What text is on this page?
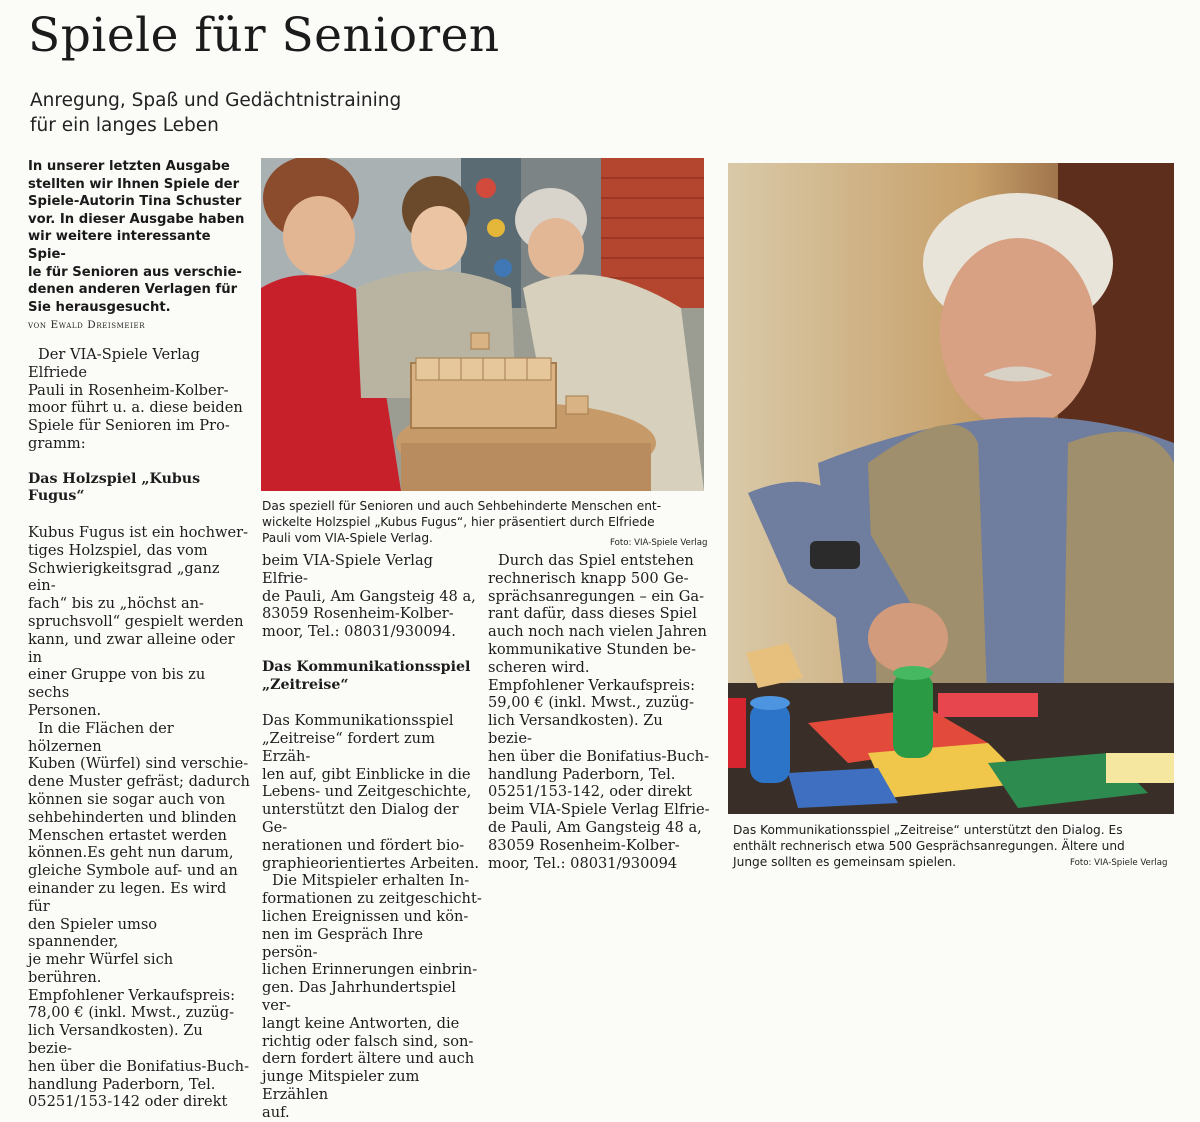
Spiele für Senioren
Anregung, Spaß und Gedächtnistraining
für ein langes Leben
In unserer letzten Ausgabe
stellten wir Ihnen Spiele der
Spiele-Autorin Tina Schuster
vor. In dieser Ausgabe haben
wir weitere interessante Spie-
le für Senioren aus verschie-
denen anderen Verlagen für
Sie herausgesucht.
von Ewald Dreismeier

Der VIA-Spiele Verlag Elfriede

Pauli in Rosenheim-Kolber-

moor führt u. a. diese beiden

Spiele für Senioren im Pro-

gramm:

Das Holzspiel „Kubus Fugus“

Kubus Fugus ist ein hochwer-

tiges Holzspiel, das vom

Schwierigkeitsgrad „ganz ein-

fach“ bis zu „höchst an-

spruchsvoll“ gespielt werden

kann, und zwar alleine oder in

einer Gruppe von bis zu sechs

Personen.

In die Flächen der hölzernen

Kuben (Würfel) sind verschie-

dene Muster gefräst; dadurch

können sie sogar auch von

sehbehinderten und blinden

Menschen ertastet werden

können.Es geht nun darum,

gleiche Symbole auf- und an

einander zu legen. Es wird für

den Spieler umso spannender,

je mehr Würfel sich berühren.

Empfohlener Verkaufspreis:

78,00 € (inkl. Mwst., zuzüg-

lich Versandkosten). Zu bezie-

hen über die Bonifatius-Buch-

handlung Paderborn, Tel.

05251/153-142 oder direkt

Das speziell für Senioren und auch Sehbehinderte Menschen ent-
wickelte Holzspiel „Kubus Fugus“, hier präsentiert durch Elfriede
Pauli vom VIA-Spiele Verlag.	Foto: VIA-Spiele Verlag

beim VIA-Spiele Verlag Elfrie-

de Pauli, Am Gangsteig 48 a,

83059 Rosenheim-Kolber-

moor, Tel.: 08031/930094.

Das Kommunikationsspiel

„Zeitreise“

Das Kommunikationsspiel

„Zeitreise“ fordert zum Erzäh-

len auf, gibt Einblicke in die

Lebens- und Zeitgeschichte,

unterstützt den Dialog der Ge-

nerationen und fördert bio-

graphieorientiertes Arbeiten.

Die Mitspieler erhalten In-

formationen zu zeitgeschicht-

lichen Ereignissen und kön-

nen im Gespräch Ihre persön-

lichen Erinnerungen einbrin-

gen. Das Jahrhundertspiel ver-

langt keine Antworten, die

richtig oder falsch sind, son-

dern fordert ältere und auch

junge Mitspieler zum Erzählen

auf.

Durch das Spiel entstehen

rechnerisch knapp 500 Ge-

sprächsanregungen – ein Ga-

rant dafür, dass dieses Spiel

auch noch nach vielen Jahren

kommunikative Stunden be-

scheren wird.

Empfohlener Verkaufspreis:

59,00 € (inkl. Mwst., zuzüg-

lich Versandkosten). Zu bezie-

hen über die Bonifatius-Buch-

handlung Paderborn, Tel.

05251/153-142, oder direkt

beim VIA-Spiele Verlag Elfrie-

de Pauli, Am Gangsteig 48 a,

83059 Rosenheim-Kolber-

moor, Tel.: 08031/930094

Das Kommunikationsspiel „Zeitreise“ unterstützt den Dialog. Es
enthält rechnerisch etwa 500 Gesprächsanregungen. Ältere und
Junge sollten es gemeinsam spielen.	Foto: VIA-Spiele Verlag
